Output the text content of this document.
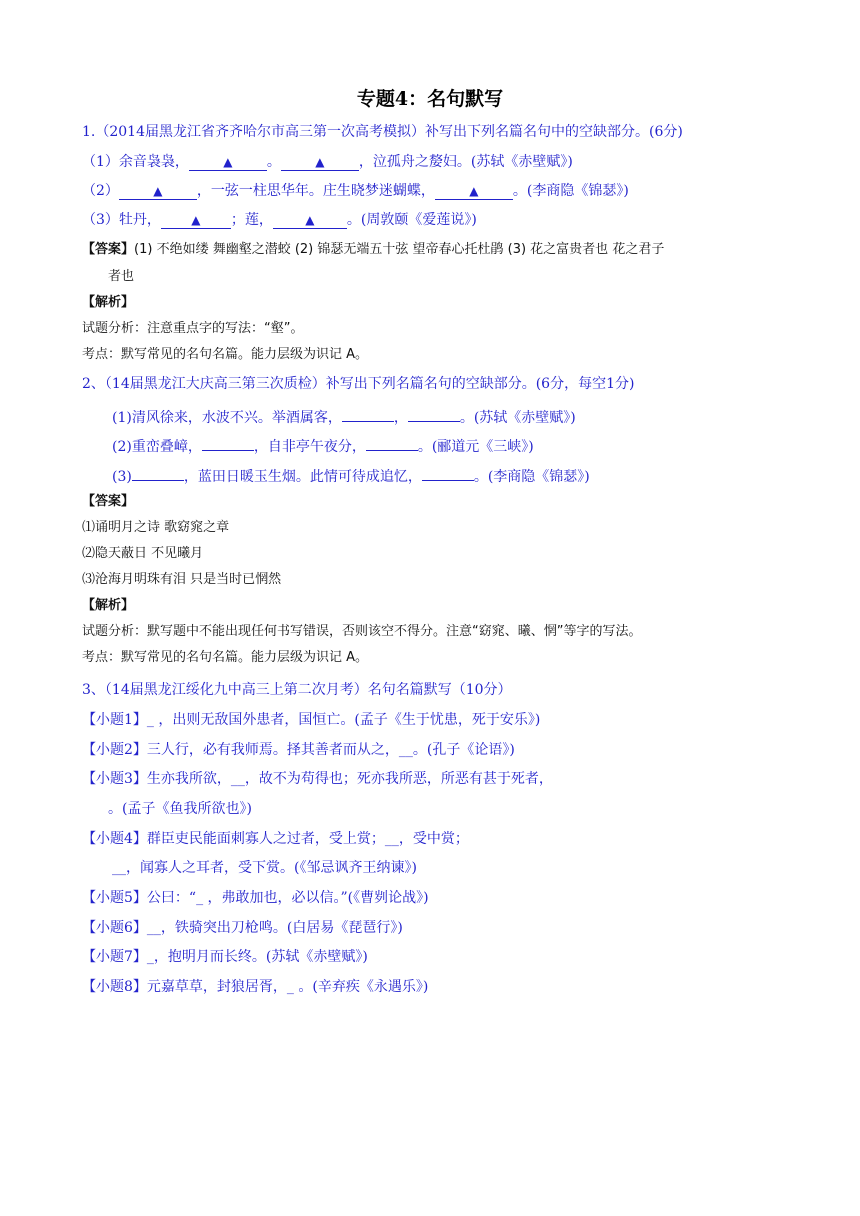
专题4：名句默写
1.（2014届黑龙江省齐齐哈尔市高三第一次高考模拟）补写出下列名篇名句中的空缺部分。(6分)
（1）余音袅袅，	▲ 。	▲ ，泣孤舟之嫠妇。(苏轼《赤壁赋》)
（2）	▲ ，一弦一柱思华年。庄生晓梦迷蝴蝶，	▲ 。(李商隐《锦瑟》)
（3）牡丹，	▲ ；莲，	▲ 。(周敦颐《爱莲说》)
【答案】(1) 不绝如缕 舞幽壑之潜蛟 (2) 锦瑟无端五十弦 望帝春心托杜鹃 (3) 花之富贵者也 花之君子
者也
【解析】
试题分析：注意重点字的写法：“壑”。
考点：默写常见的名句名篇。能力层级为识记 A。
2、（14届黑龙江大庆高三第三次质检）补写出下列名篇名句的空缺部分。(6分，每空1分)
(1)清风徐来，水波不兴。举酒属客，	，	。(苏轼《赤壁赋》)
(2)重峦叠嶂，	，自非亭午夜分，	。(郦道元《三峡》)
(3)	，蓝田日暖玉生烟。此情可待成追忆，	。(李商隐《锦瑟》)
【答案】
⑴诵明月之诗 歌窈窕之章
⑵隐天蔽日 不见曦月
⑶沧海月明珠有泪 只是当时已惘然
【解析】
试题分析：默写题中不能出现任何书写错误，否则该空不得分。注意“窈窕、曦、惘”等字的写法。
考点：默写常见的名句名篇。能力层级为识记 A。
3、（14届黑龙江绥化九中高三上第二次月考）名句名篇默写（10分）
【小题1】_ ，出则无敌国外患者，国恒亡。(孟子《生于忧患，死于安乐》)
【小题2】三人行，必有我师焉。择其善者而从之，__。(孔子《论语》)
【小题3】生亦我所欲，__，故不为苟得也；死亦我所恶，所恶有甚于死者，
。(孟子《鱼我所欲也》)
【小题4】群臣吏民能面刺寡人之过者，受上赏；__，受中赏；
__，闻寡人之耳者，受下赏。(《邹忌讽齐王纳谏》)
【小题5】公曰：“_ ，弗敢加也，必以信。”(《曹刿论战》)
【小题6】__，铁骑突出刀枪鸣。(白居易《琵琶行》)
【小题7】_，抱明月而长终。(苏轼《赤壁赋》)
【小题8】元嘉草草，封狼居胥，_ 。(辛弃疾《永遇乐》)
